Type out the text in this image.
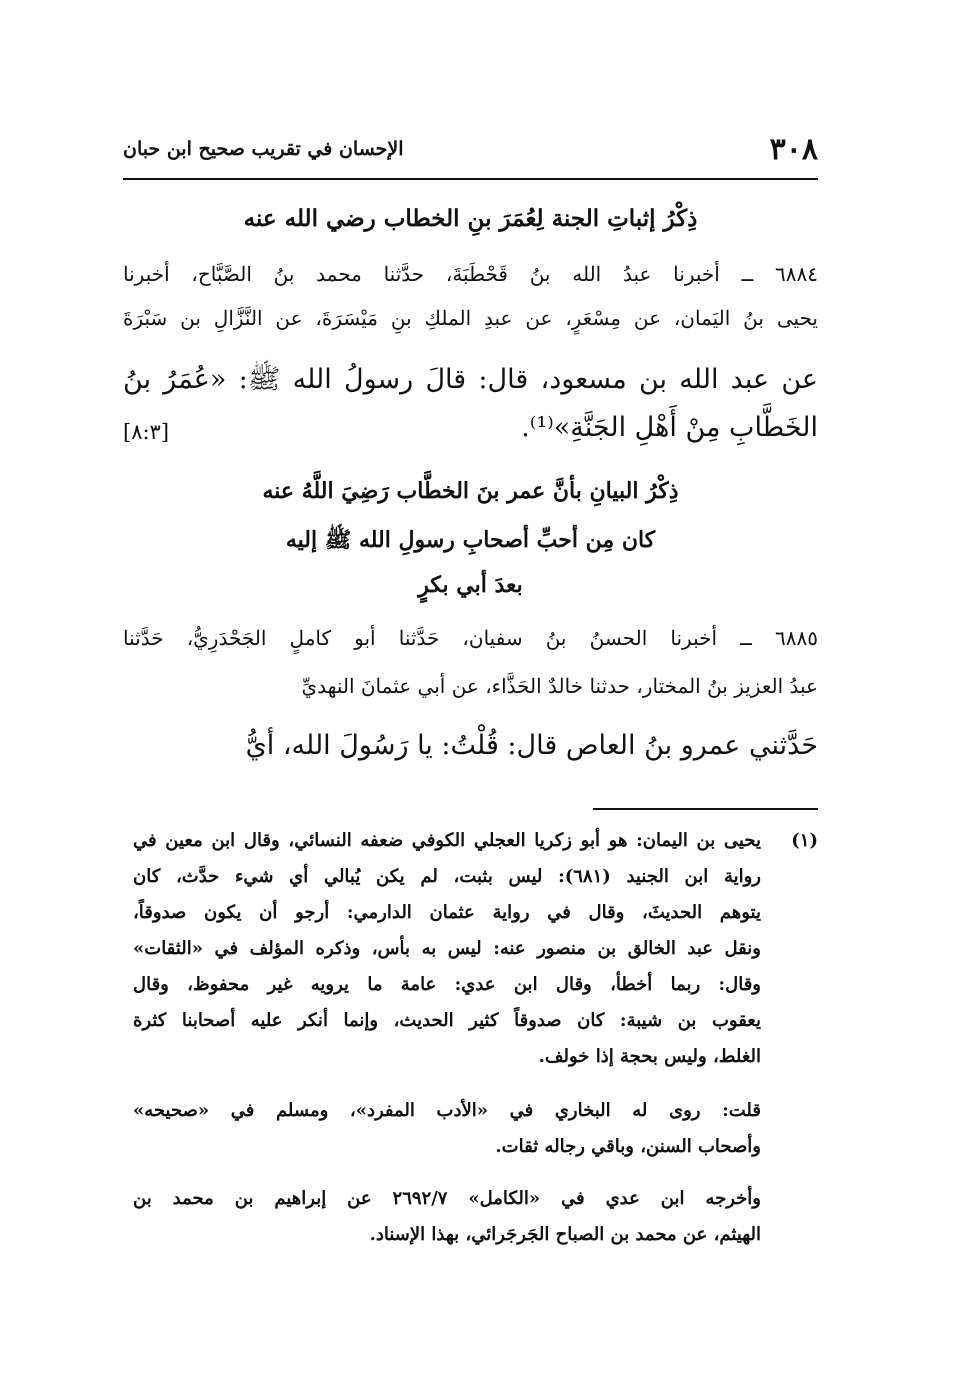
٣٠٨
الإحسان في تقريب صحيح ابن حبان
ذِكْرُ إثباتِ الجنة لِعُمَرَ بنِ الخطاب رضي الله عنه
٦٨٨٤ ــ أخبرنا عبدُ الله بنُ قَحْطَبَةَ، حدَّثنا محمد بنُ الصَّبَّاح، أخبرنا
يحيى بنُ اليَمان، عن مِسْعَرٍ، عن عبدِ الملكِ بنِ مَيْسَرَةَ، عن النَّزَّالِ بن سَبْرَةَ
عن عبد الله بن مسعود، قال: قالَ رسولُ الله ﷺ: «عُمَرُ بنُ
الخَطَّابِ مِنْ أَهْلِ الجَنَّةِ»⁽¹⁾.
[٨:٣]
ذِكْرُ البيانِ بأنَّ عمر بنَ الخطَّاب رَضِيَ اللَّهُ عنه
كان مِن أحبِّ أصحابِ رسولِ الله ﷺ إليه
بعدَ أبي بكرٍ
٦٨٨٥ ــ أخبرنا الحسنُ بنُ سفيان، حَدَّثنا أبو كاملٍ الجَحْدَرِيُّ، حَدَّثنا
عبدُ العزيز بنُ المختار، حدثنا خالدٌ الحَذَّاء، عن أبي عثمانَ النهديِّ
حَدَّثني عمرو بنُ العاص قال: قُلْتُ: يا رَسُولَ الله، أيُّ
(١)
يحيى بن اليمان: هو أبو زكريا العجلي الكوفي ضعفه النسائي، وقال ابن معين في
رواية ابن الجنيد (٦٨١): ليس بثبت، لم يكن يُبالي أي شيء حدَّث، كان
يتوهم الحديثَ، وقال في رواية عثمان الدارمي: أرجو أن يكون صدوقاً،
ونقل عبد الخالق بن منصور عنه: ليس به بأس، وذكره المؤلف في «الثقات»
وقال: ربما أخطأ، وقال ابن عدي: عامة ما يرويه غير محفوظ، وقال
يعقوب بن شيبة: كان صدوقاً كثير الحديث، وإنما أنكر عليه أصحابنا كثرة
الغلط، وليس بحجة إذا خولف.
قلت: روى له البخاري في «الأدب المفرد»، ومسلم في «صحيحه»
وأصحاب السنن، وباقي رجاله ثقات.
وأخرجه ابن عدي في «الكامل» ٢٦٩٢/٧ عن إبراهيم بن محمد بن
الهيثم، عن محمد بن الصباح الجَرجَرائي، بهذا الإسناد.
